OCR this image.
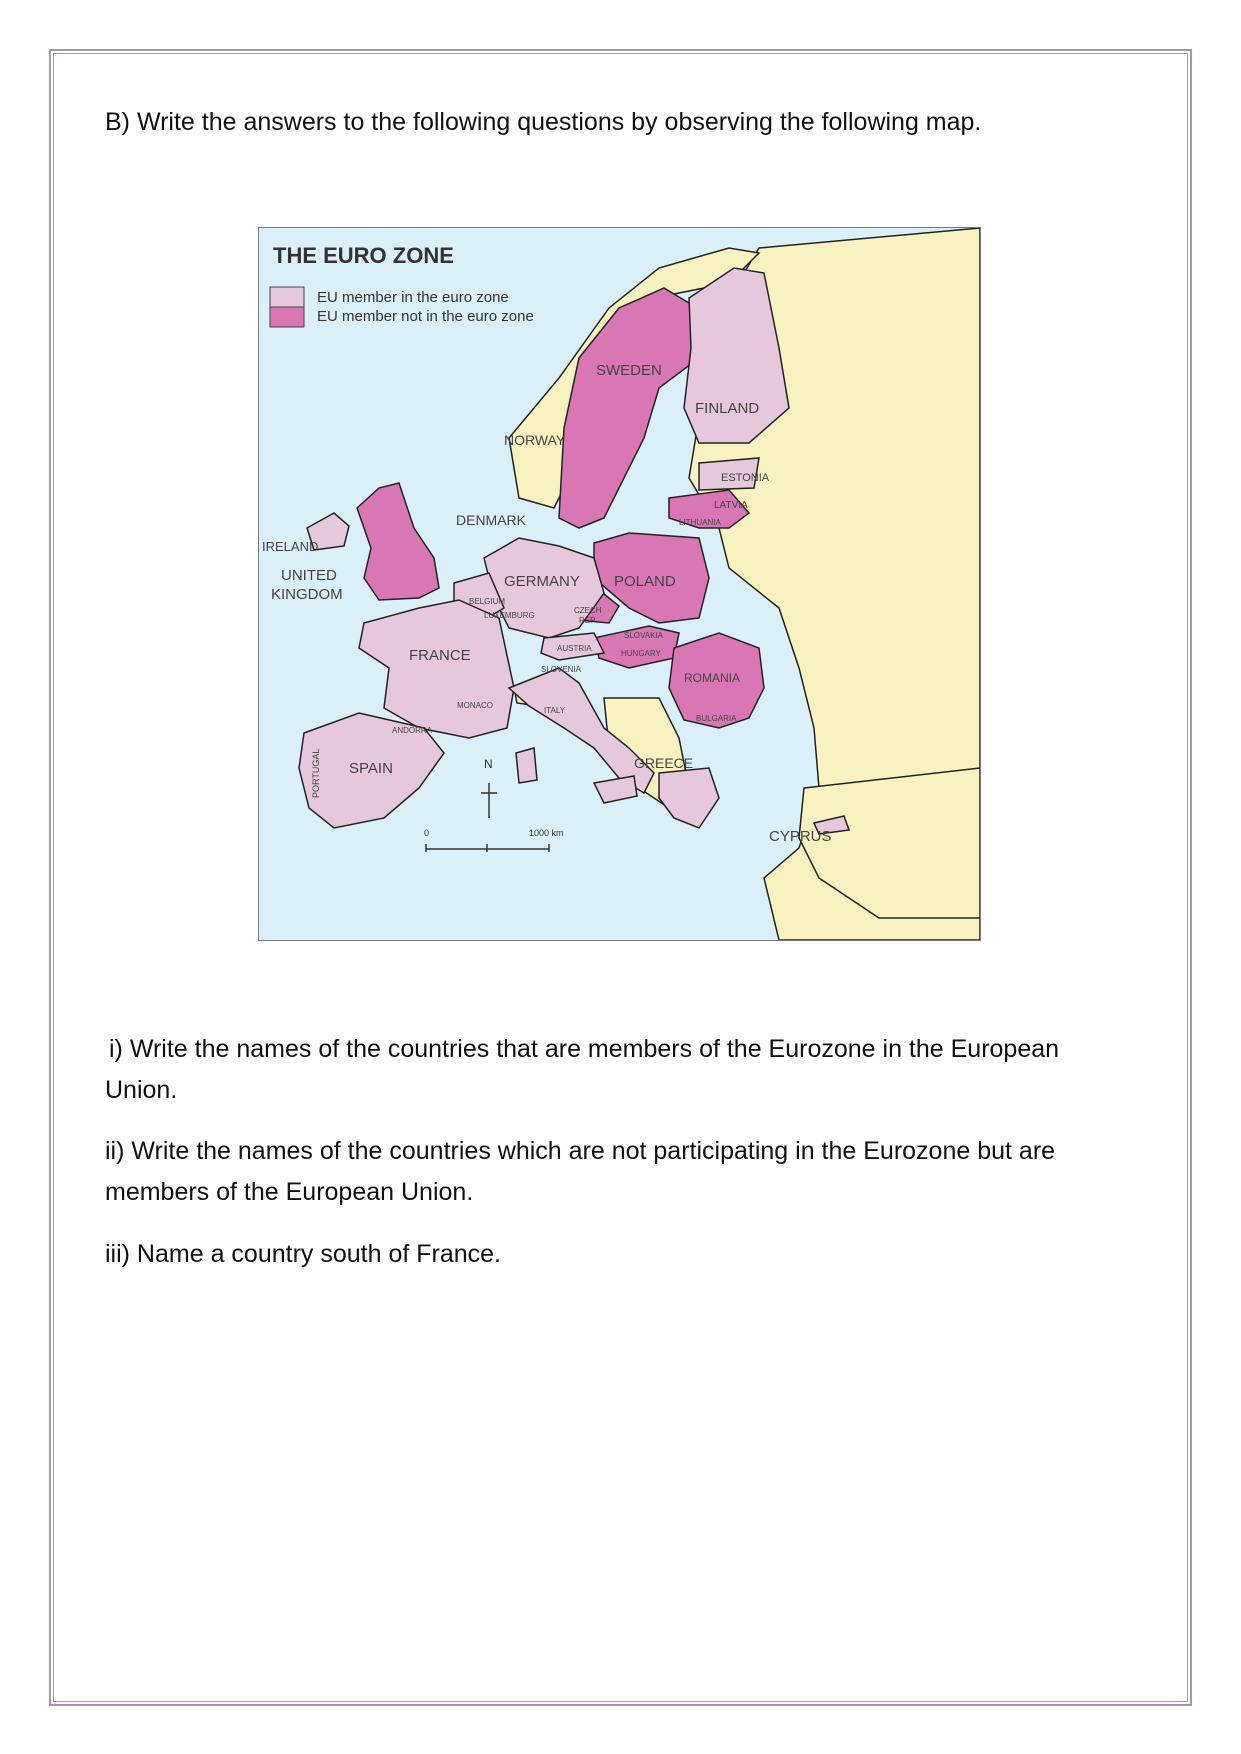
B) Write the answers to the following questions by observing the following map.
THE EURO ZONE
EU member in the euro zone
EU member not in the euro zone
SWEDEN
FINLAND
NORWAY
ESTONIA
LATVIA
LITHUANIA
DENMARK
IRELAND
UNITED
KINGDOM
GERMANY POLAND
BELGIUM
LUXEMBURG
CZECH
REP
SLOVAKIA
AUSTRIA
HUNGARY
FRANCE
SLOVENIA
ROMANIA
MONACO
ITALY
BULGARIA
ANDORRA
PORTUGAL SPAIN	GREECE
CYPRUS
N
0	1000 km
i) Write the names of the countries that are members of the Eurozone in the European Union.
ii) Write the names of the countries which are not participating in the Eurozone but are members of the European Union.
iii) Name a country south of France.
